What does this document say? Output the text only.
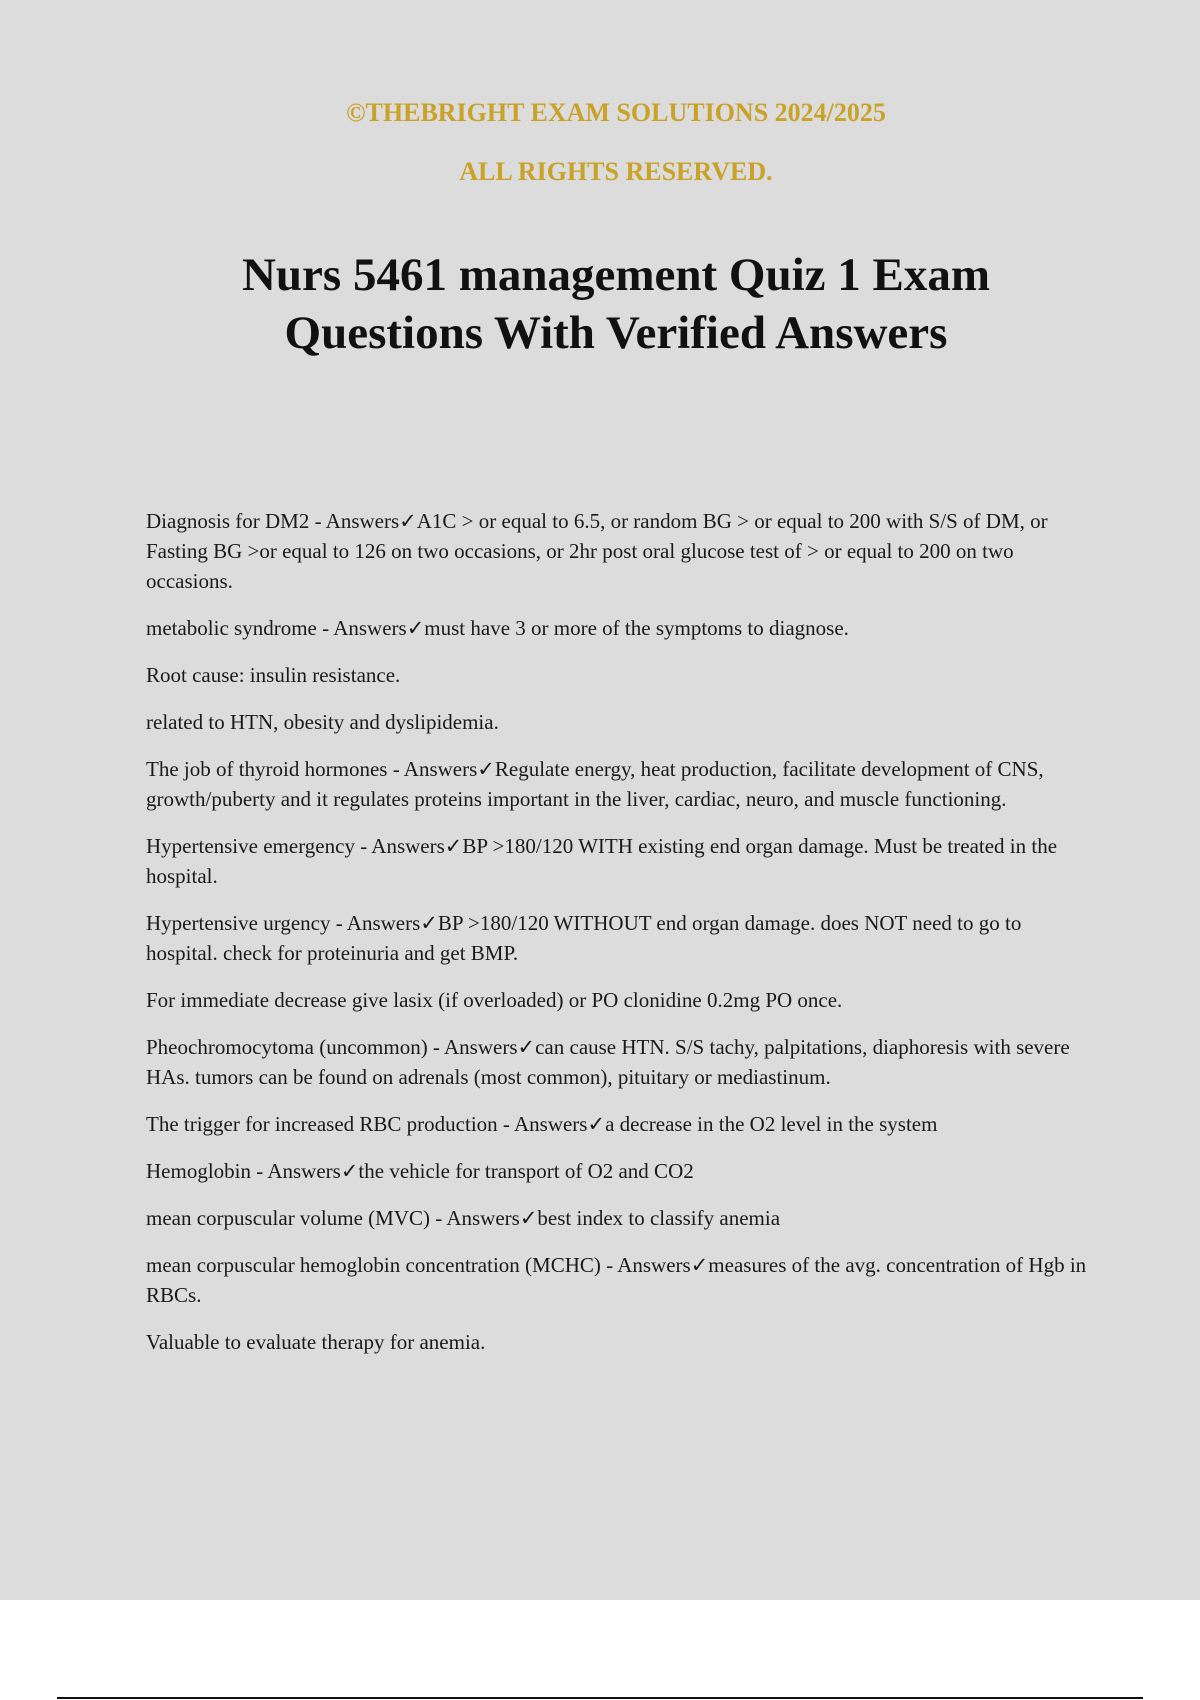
©THEBRIGHT EXAM SOLUTIONS 2024/2025
ALL RIGHTS RESERVED.
Nurs 5461 management Quiz 1 Exam
Questions With Verified Answers

Diagnosis for DM2 - Answers✓A1C > or equal to 6.5, or random BG > or equal to 200 with S/S of DM, or Fasting BG >or equal to 126 on two occasions, or 2hr post oral glucose test of > or equal to 200 on two occasions.

metabolic syndrome - Answers✓must have 3 or more of the symptoms to diagnose.

Root cause: insulin resistance.

related to HTN, obesity and dyslipidemia.

The job of thyroid hormones - Answers✓Regulate energy, heat production, facilitate development of CNS, growth/puberty and it regulates proteins important in the liver, cardiac, neuro, and muscle functioning.

Hypertensive emergency - Answers✓BP >180/120 WITH existing end organ damage. Must be treated in the hospital.

Hypertensive urgency - Answers✓BP >180/120 WITHOUT end organ damage. does NOT need to go to hospital. check for proteinuria and get BMP.

For immediate decrease give lasix (if overloaded) or PO clonidine 0.2mg PO once.

Pheochromocytoma (uncommon) - Answers✓can cause HTN. S/S tachy, palpitations, diaphoresis with severe HAs. tumors can be found on adrenals (most common), pituitary or mediastinum.

The trigger for increased RBC production - Answers✓a decrease in the O2 level in the system

Hemoglobin - Answers✓the vehicle for transport of O2 and CO2

mean corpuscular volume (MVC) - Answers✓best index to classify anemia

mean corpuscular hemoglobin concentration (MCHC) - Answers✓measures of the avg. concentration of Hgb in RBCs.

Valuable to evaluate therapy for anemia.
